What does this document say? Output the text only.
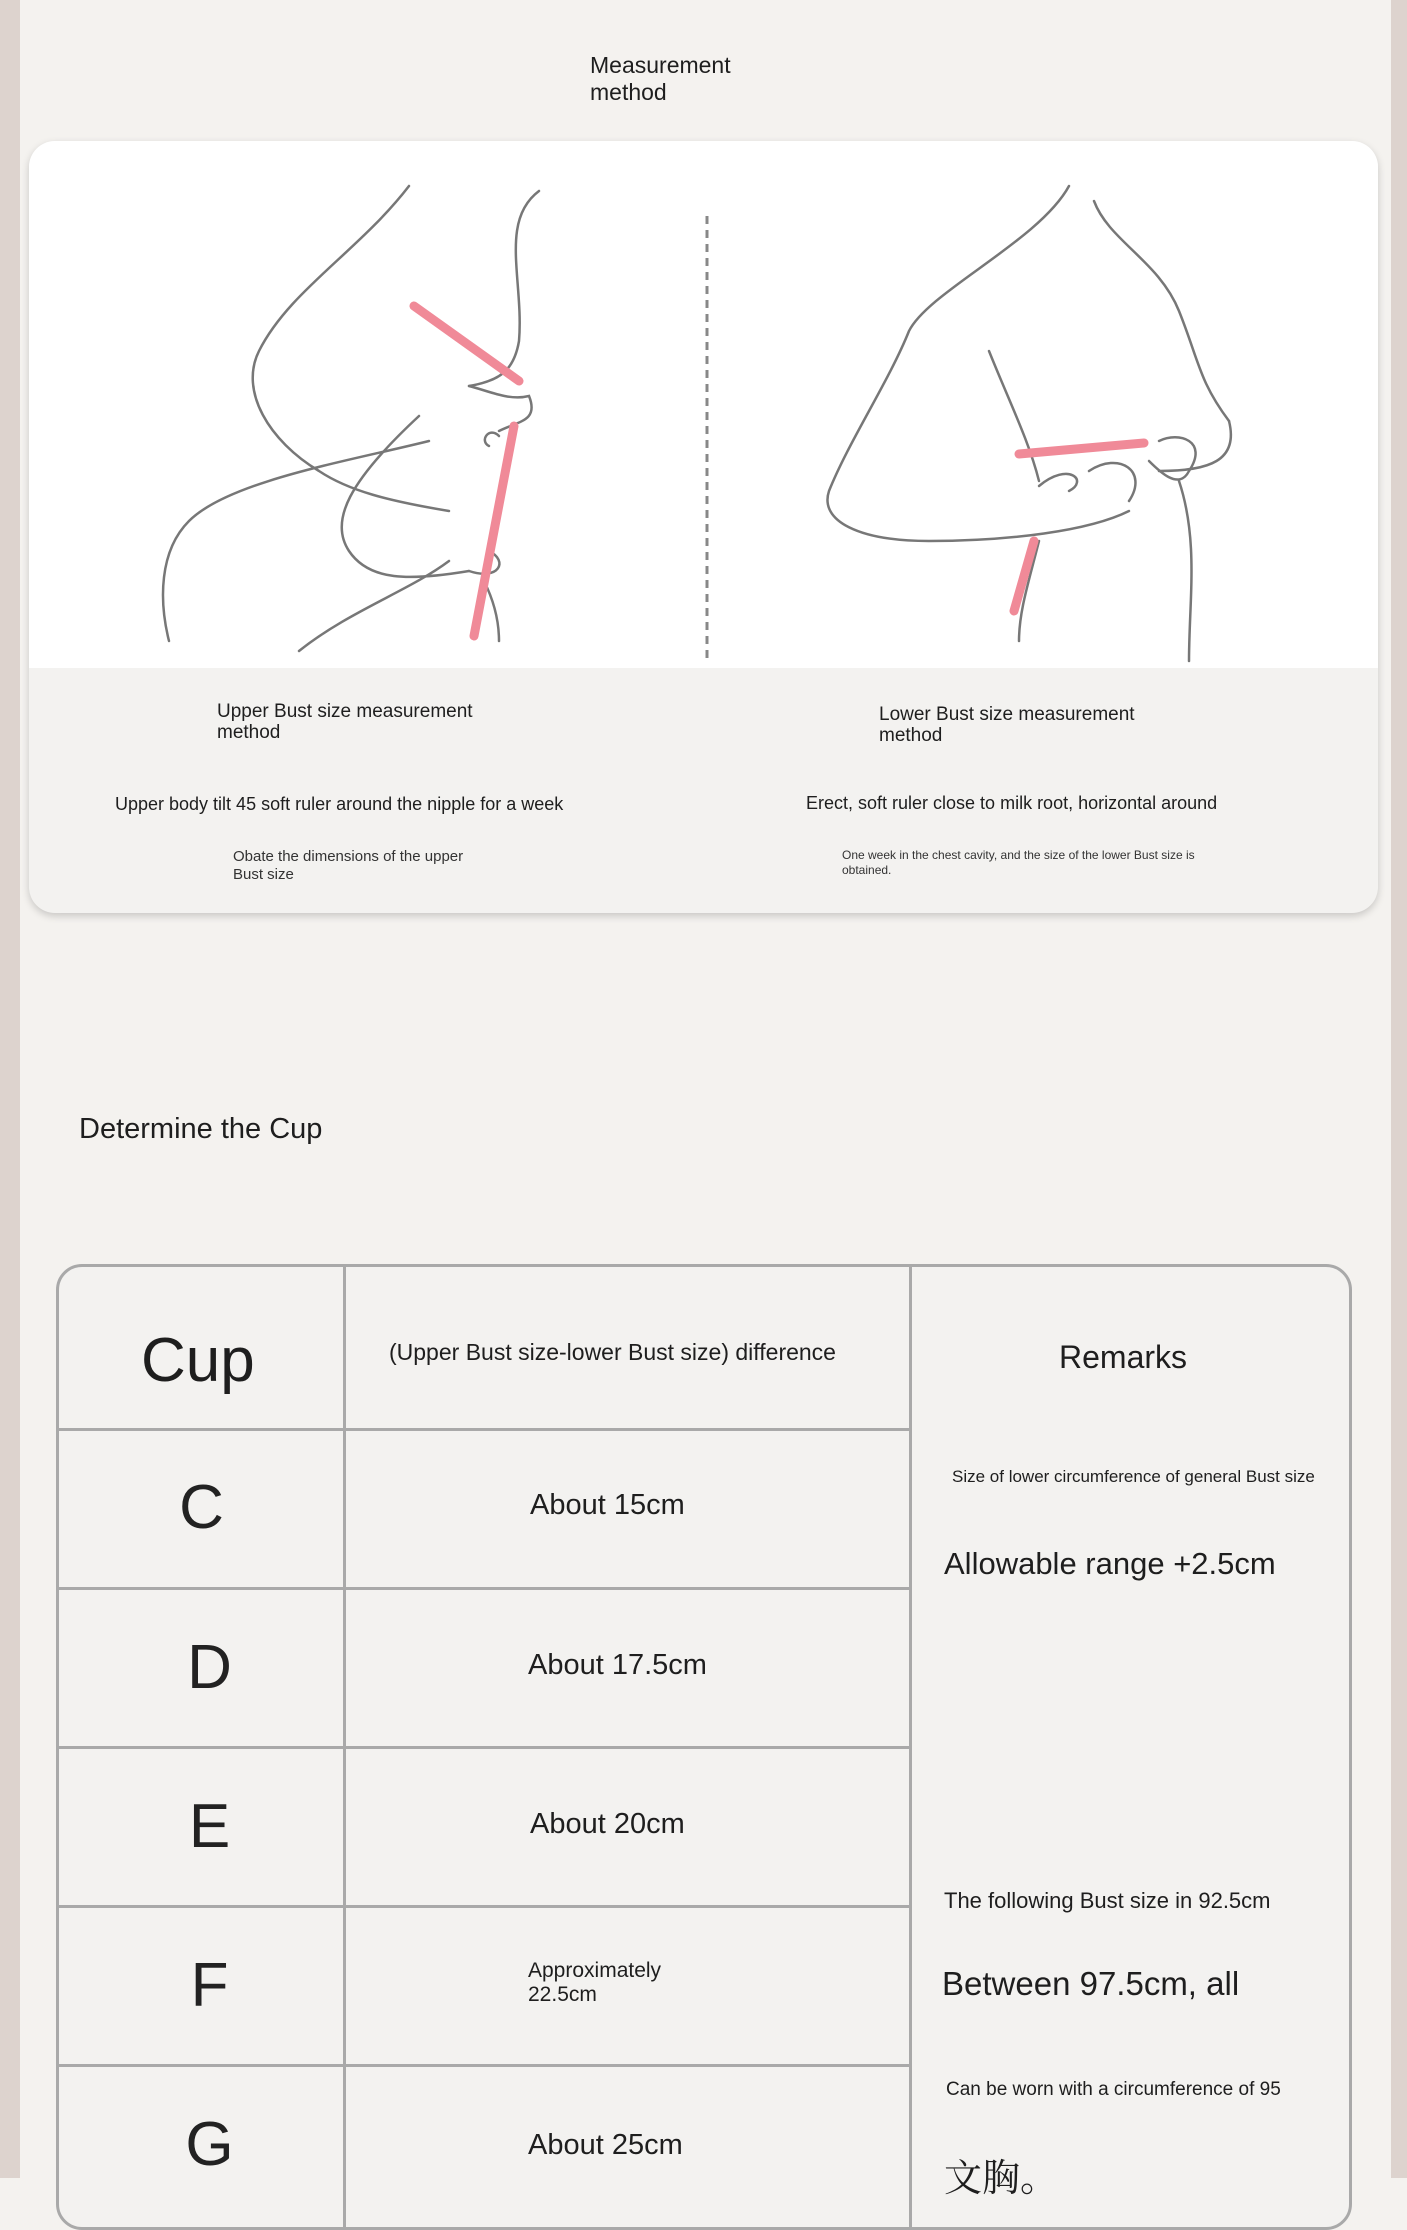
Measurement
method
Upper Bust size measurement
method
Upper body tilt 45 soft ruler around the nipple for a week
Obate the dimensions of the upper
Bust size
Lower Bust size measurement
method
Erect, soft ruler close to milk root, horizontal around
One week in the chest cavity, and the size of the lower Bust size is
obtained.
Determine the Cup
Cup	(Upper Bust size-lower Bust size) difference	Remarks
C
D
E
F
G
About 15cm
About 17.5cm
About 20cm
Approximately
22.5cm
About 25cm
Size of lower circumference of general Bust size
Allowable range +2.5cm
The following Bust size in 92.5cm
Between 97.5cm, all
Can be worn with a circumference of 95
文胸。
